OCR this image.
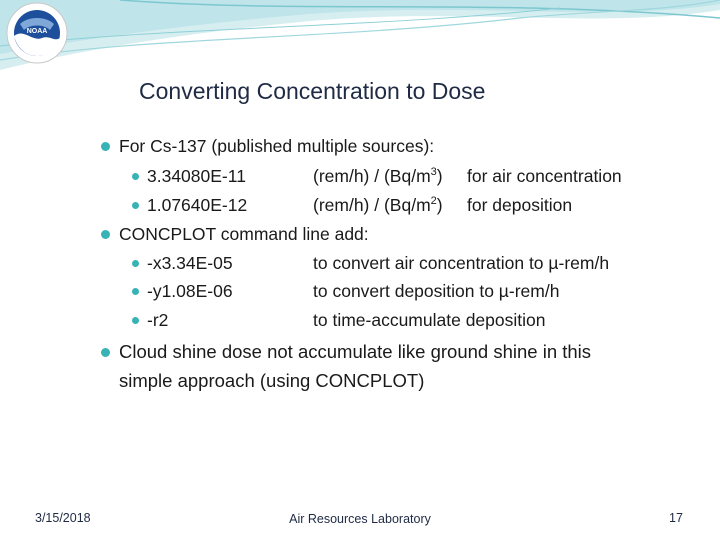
NOAA
Converting Concentration to Dose
For Cs-137 (published multiple sources):
3.34080E-11	$(rem/h) / (Bq/m^3)$ for air concentration
1.07640E-12	$(rem/h) / (Bq/m^2)$ for deposition
CONCPLOT command line add:
-x3.34E-05	to convert air concentration to µ-rem/h
-y1.08E-06	to convert deposition to µ-rem/h
-r2	to time-accumulate deposition
Cloud shine dose not accumulate like ground shine in this
simple approach (using CONCPLOT)
3/15/2018	Air Resources Laboratory	17
